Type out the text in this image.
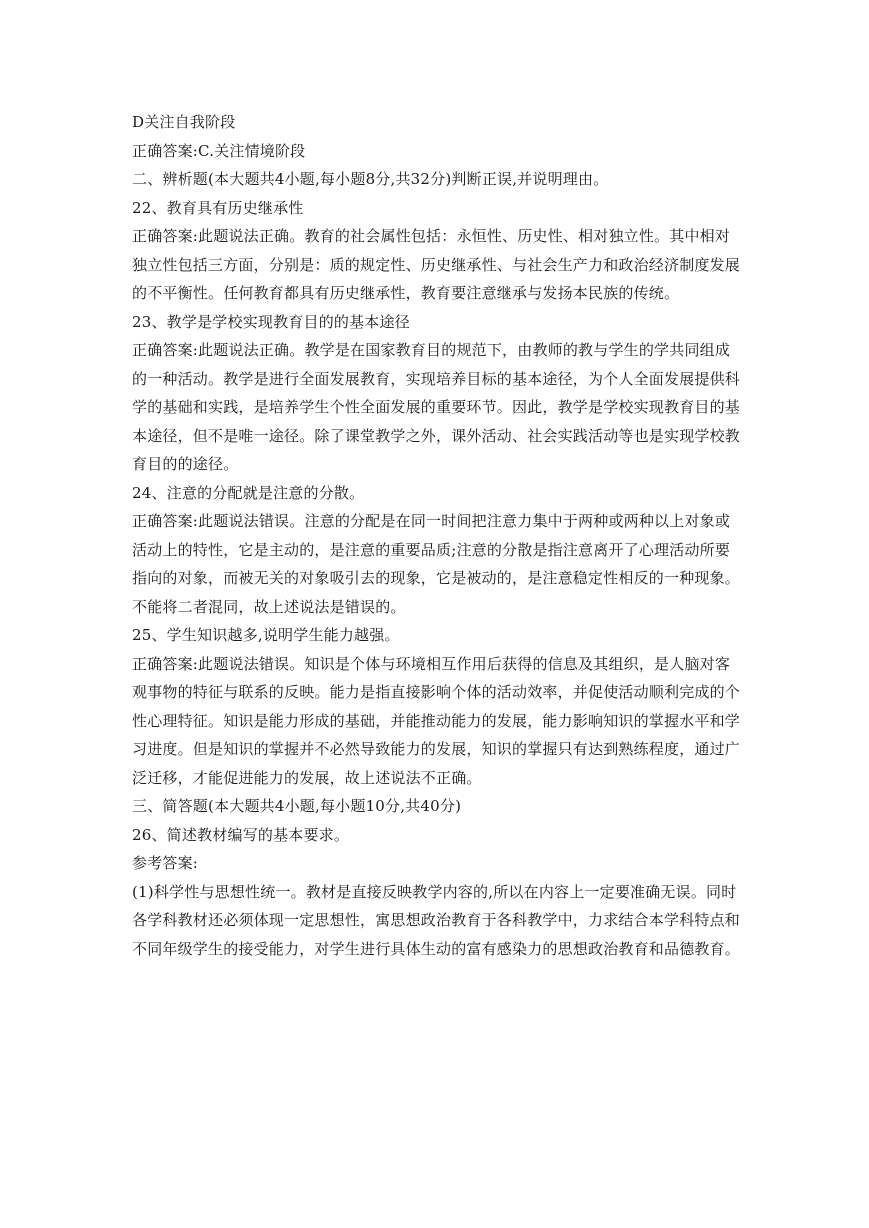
D关注自我阶段

正确答案:C.关注情境阶段

二、辨析题(本大题共4小题,每小题8分,共32分)判断正误,并说明理由。

22、教育具有历史继承性

正确答案:此题说法正确。教育的社会属性包括：永恒性、历史性、相对独立性。其中相对

独立性包括三方面，分别是：质的规定性、历史继承性、与社会生产力和政治经济制度发展

的不平衡性。任何教育都具有历史继承性，教育要注意继承与发扬本民族的传统。

23、教学是学校实现教育目的的基本途径

正确答案:此题说法正确。教学是在国家教育目的规范下，由教师的教与学生的学共同组成

的一种活动。教学是进行全面发展教育，实现培养目标的基本途径，为个人全面发展提供科

学的基础和实践，是培养学生个性全面发展的重要环节。因此，教学是学校实现教育目的基

本途径，但不是唯一途径。除了课堂教学之外，课外活动、社会实践活动等也是实现学校教

育目的的途径。

24、注意的分配就是注意的分散。

正确答案:此题说法错误。注意的分配是在同一时间把注意力集中于两种或两种以上对象或

活动上的特性，它是主动的，是注意的重要品质;注意的分散是指注意离开了心理活动所要

指向的对象，而被无关的对象吸引去的现象，它是被动的，是注意稳定性相反的一种现象。

不能将二者混同，故上述说法是错误的。

25、学生知识越多,说明学生能力越强。

正确答案:此题说法错误。知识是个体与环境相互作用后获得的信息及其组织，是人脑对客

观事物的特征与联系的反映。能力是指直接影响个体的活动效率，并促使活动顺利完成的个

性心理特征。知识是能力形成的基础，并能推动能力的发展，能力影响知识的掌握水平和学

习进度。但是知识的掌握并不必然导致能力的发展，知识的掌握只有达到熟练程度，通过广

泛迁移，才能促进能力的发展，故上述说法不正确。

三、简答题(本大题共4小题,每小题10分,共40分)

26、简述教材编写的基本要求。

参考答案:

(1)科学性与思想性统一。教材是直接反映教学内容的,所以在内容上一定要准确无误。同时

各学科教材还必须体现一定思想性，寓思想政治教育于各科教学中，力求结合本学科特点和

不同年级学生的接受能力，对学生进行具体生动的富有感染力的思想政治教育和品德教育。
